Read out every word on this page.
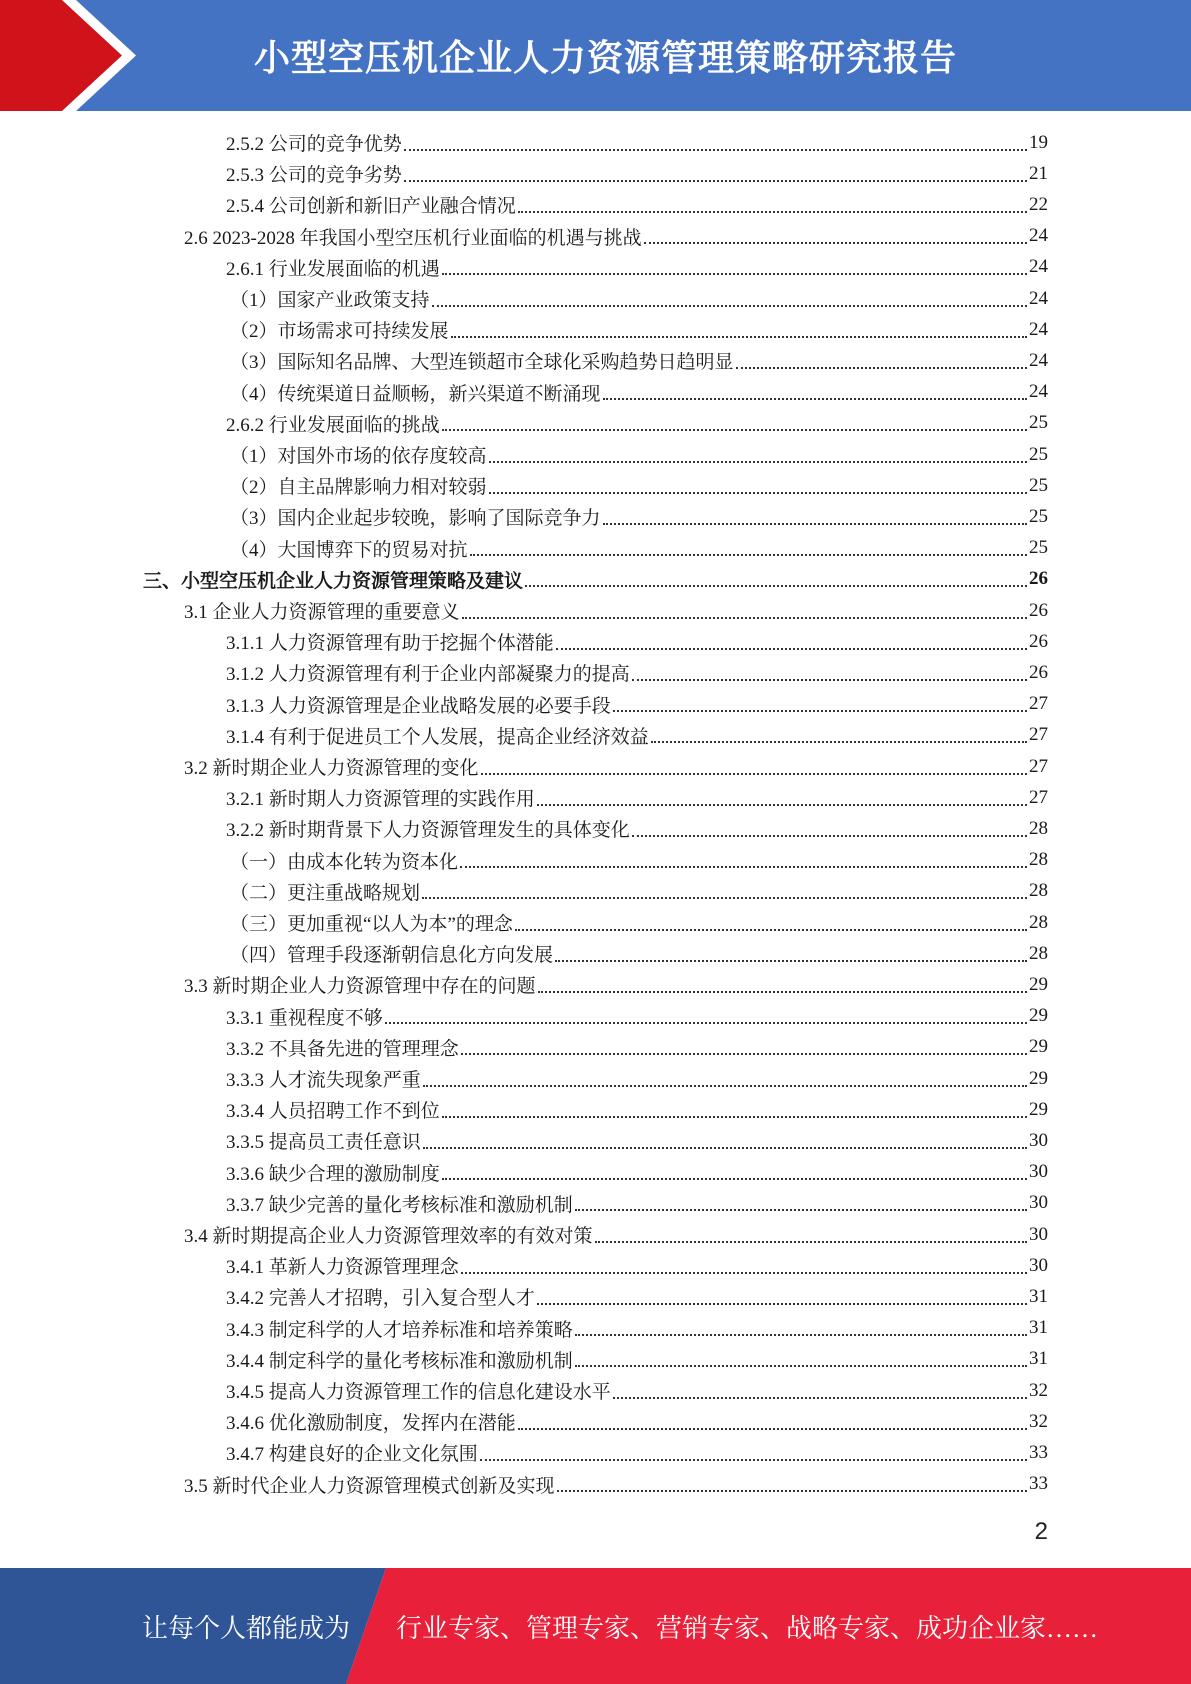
小型空压机企业人力资源管理策略研究报告
2.5.2 公司的竞争优势	19
2.5.3 公司的竞争劣势	21
2.5.4 公司创新和新旧产业融合情况	22
2.6 2023-2028 年我国小型空压机行业面临的机遇与挑战	24
2.6.1 行业发展面临的机遇	24
（1）国家产业政策支持	24
（2）市场需求可持续发展	24
（3）国际知名品牌、大型连锁超市全球化采购趋势日趋明显	24
（4）传统渠道日益顺畅，新兴渠道不断涌现	24
2.6.2 行业发展面临的挑战	25
（1）对国外市场的依存度较高	25
（2）自主品牌影响力相对较弱	25
（3）国内企业起步较晚，影响了国际竞争力	25
（4）大国博弈下的贸易对抗	25
三、小型空压机企业人力资源管理策略及建议	26
3.1 企业人力资源管理的重要意义	26
3.1.1 人力资源管理有助于挖掘个体潜能	26
3.1.2 人力资源管理有利于企业内部凝聚力的提高	26
3.1.3 人力资源管理是企业战略发展的必要手段	27
3.1.4 有利于促进员工个人发展，提高企业经济效益	27
3.2 新时期企业人力资源管理的变化	27
3.2.1 新时期人力资源管理的实践作用	27
3.2.2 新时期背景下人力资源管理发生的具体变化	28
（一）由成本化转为资本化	28
（二）更注重战略规划	28
（三）更加重视“以人为本”的理念	28
（四）管理手段逐渐朝信息化方向发展	28
3.3 新时期企业人力资源管理中存在的问题	29
3.3.1 重视程度不够	29
3.3.2 不具备先进的管理理念	29
3.3.3 人才流失现象严重	29
3.3.4 人员招聘工作不到位	29
3.3.5 提高员工责任意识	30
3.3.6 缺少合理的激励制度	30
3.3.7 缺少完善的量化考核标准和激励机制	30
3.4 新时期提高企业人力资源管理效率的有效对策	30
3.4.1 革新人力资源管理理念	30
3.4.2 完善人才招聘，引入复合型人才	31
3.4.3 制定科学的人才培养标准和培养策略	31
3.4.4 制定科学的量化考核标准和激励机制	31
3.4.5 提高人力资源管理工作的信息化建设水平	32
3.4.6 优化激励制度，发挥内在潜能	32
3.4.7 构建良好的企业文化氛围	33
3.5 新时代企业人力资源管理模式创新及实现	33
2
让每个人都能成为 行业专家、管理专家、营销专家、战略专家、成功企业家……
